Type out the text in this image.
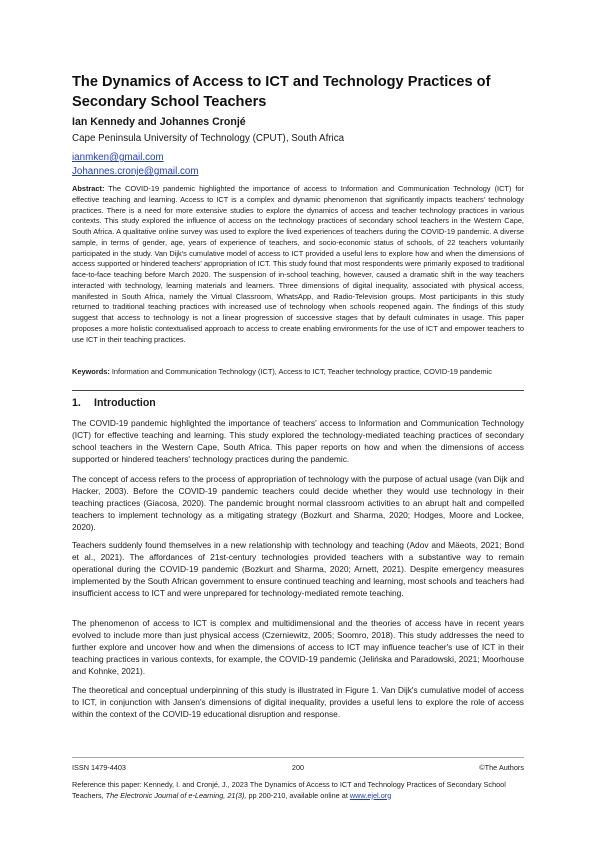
The Dynamics of Access to ICT and Technology Practices of Secondary School Teachers

Ian Kennedy and Johannes Cronjé

Cape Peninsula University of Technology (CPUT), South Africa

ianmken@gmail.com
Johannes.cronje@gmail.com

Abstract: The COVID-19 pandemic highlighted the importance of access to Information and Communication Technology (ICT) for effective teaching and learning. Access to ICT is a complex and dynamic phenomenon that significantly impacts teachers' technology practices. There is a need for more extensive studies to explore the dynamics of access and teacher technology practices in various contexts. This study explored the influence of access on the technology practices of secondary school teachers in the Western Cape, South Africa. A qualitative online survey was used to explore the lived experiences of teachers during the COVID-19 pandemic. A diverse sample, in terms of gender, age, years of experience of teachers, and socio-economic status of schools, of 22 teachers voluntarily participated in the study. Van Dijk's cumulative model of access to ICT provided a useful lens to explore how and when the dimensions of access supported or hindered teachers' appropriation of ICT. This study found that most respondents were primarily exposed to traditional face-to-face teaching before March 2020. The suspension of in-school teaching, however, caused a dramatic shift in the way teachers interacted with technology, learning materials and learners. Three dimensions of digital inequality, associated with physical access, manifested in South Africa, namely the Virtual Classroom, WhatsApp, and Radio-Television groups. Most participants in this study returned to traditional teaching practices with increased use of technology when schools reopened again. The findings of this study suggest that access to technology is not a linear progression of successive stages that by default culminates in usage. This paper proposes a more holistic contextualised approach to access to create enabling environments for the use of ICT and empower teachers to use ICT in their teaching practices.

Keywords: Information and Communication Technology (ICT), Access to ICT, Teacher technology practice, COVID-19 pandemic

1. Introduction

The COVID-19 pandemic highlighted the importance of teachers' access to Information and Communication Technology (ICT) for effective teaching and learning. This study explored the technology-mediated teaching practices of secondary school teachers in the Western Cape, South Africa. This paper reports on how and when the dimensions of access supported or hindered teachers' technology practices during the pandemic.

The concept of access refers to the process of appropriation of technology with the purpose of actual usage (van Dijk and Hacker, 2003). Before the COVID-19 pandemic teachers could decide whether they would use technology in their teaching practices (Giacosa, 2020). The pandemic brought normal classroom activities to an abrupt halt and compelled teachers to implement technology as a mitigating strategy (Bozkurt and Sharma, 2020; Hodges, Moore and Lockee, 2020).

Teachers suddenly found themselves in a new relationship with technology and teaching (Adov and Mäeots, 2021; Bond et al., 2021). The affordances of 21st-century technologies provided teachers with a substantive way to remain operational during the COVID-19 pandemic (Bozkurt and Sharma, 2020; Arnett, 2021). Despite emergency measures implemented by the South African government to ensure continued teaching and learning, most schools and teachers had insufficient access to ICT and were unprepared for technology-mediated remote teaching.

The phenomenon of access to ICT is complex and multidimensional and the theories of access have in recent years evolved to include more than just physical access (Czerniewitz, 2005; Soomro, 2018). This study addresses the need to further explore and uncover how and when the dimensions of access to ICT may influence teacher's use of ICT in their teaching practices in various contexts, for example, the COVID-19 pandemic (Jelińska and Paradowski, 2021; Moorhouse and Kohnke, 2021).

The theoretical and conceptual underpinning of this study is illustrated in Figure 1. Van Dijk's cumulative model of access to ICT, in conjunction with Jansen's dimensions of digital inequality, provides a useful lens to explore the role of access within the context of the COVID-19 educational disruption and response.

ISSN 1479-4403	200	©The Authors

Reference this paper: Kennedy, I. and Cronjé, J., 2023 The Dynamics of Access to ICT and Technology Practices of Secondary School Teachers, The Electronic Journal of e-Learning, 21(3), pp 200-210, available online at www.ejel.org
